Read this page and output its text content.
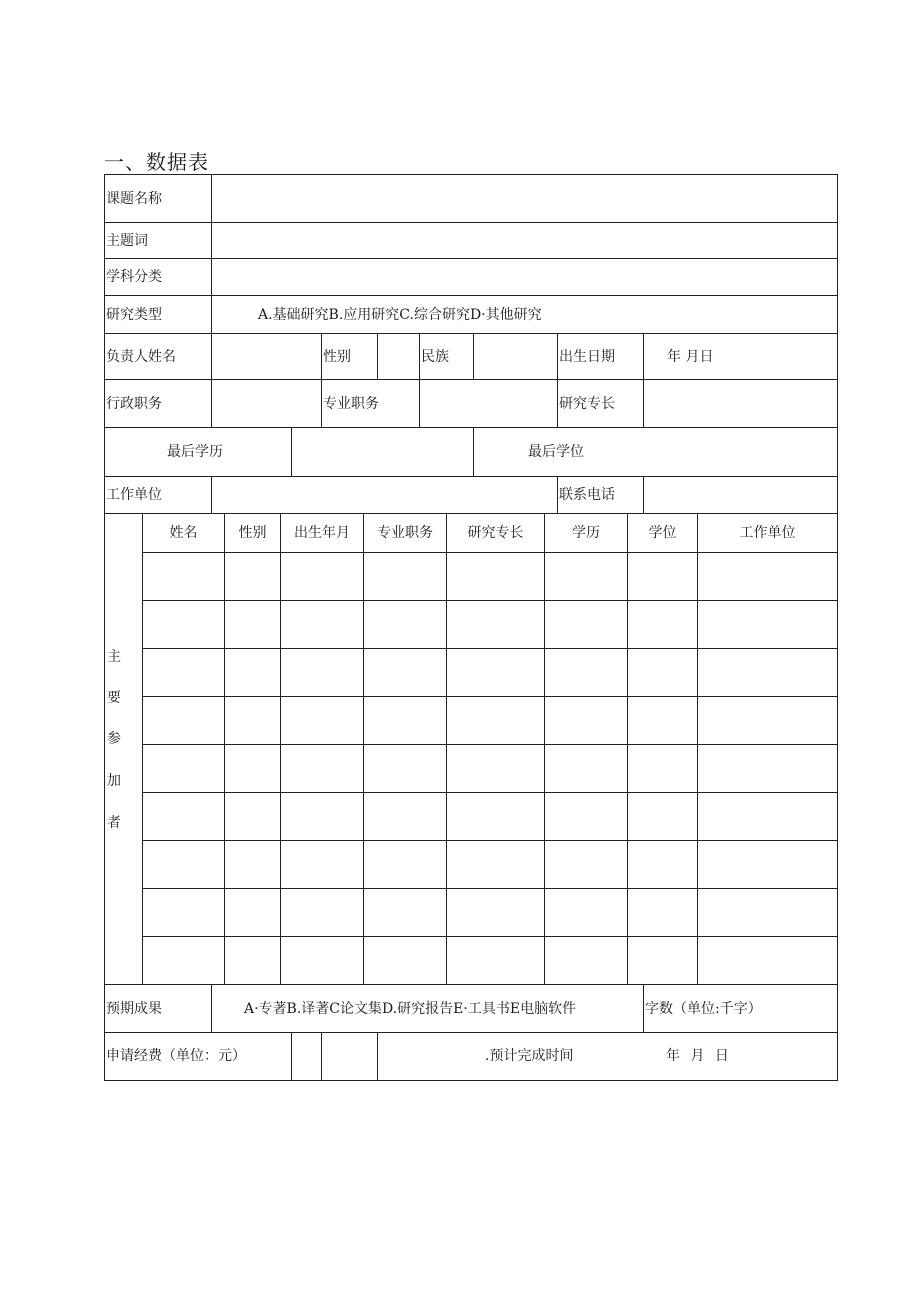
一、数据表
课题名称
主题词
学科分类
研究类型	A.基础研究B.应用研究C.综合研究D·其他研究
负责人姓名	性别	民族	出生日期	年 月日
行政职务	专业职务	研究专长
最后学历	最后学位
工作单位	联系电话
主
要
参
加
者
姓名	性别	出生年月	专业职务	研究专长	学历	学位	工作单位
预期成果	A·专著B.译著C论文集D.研究报告E·工具书E电脑软件	字数（单位:千字）
申请经费（单位：元）	.预计完成时间	年 月 日
